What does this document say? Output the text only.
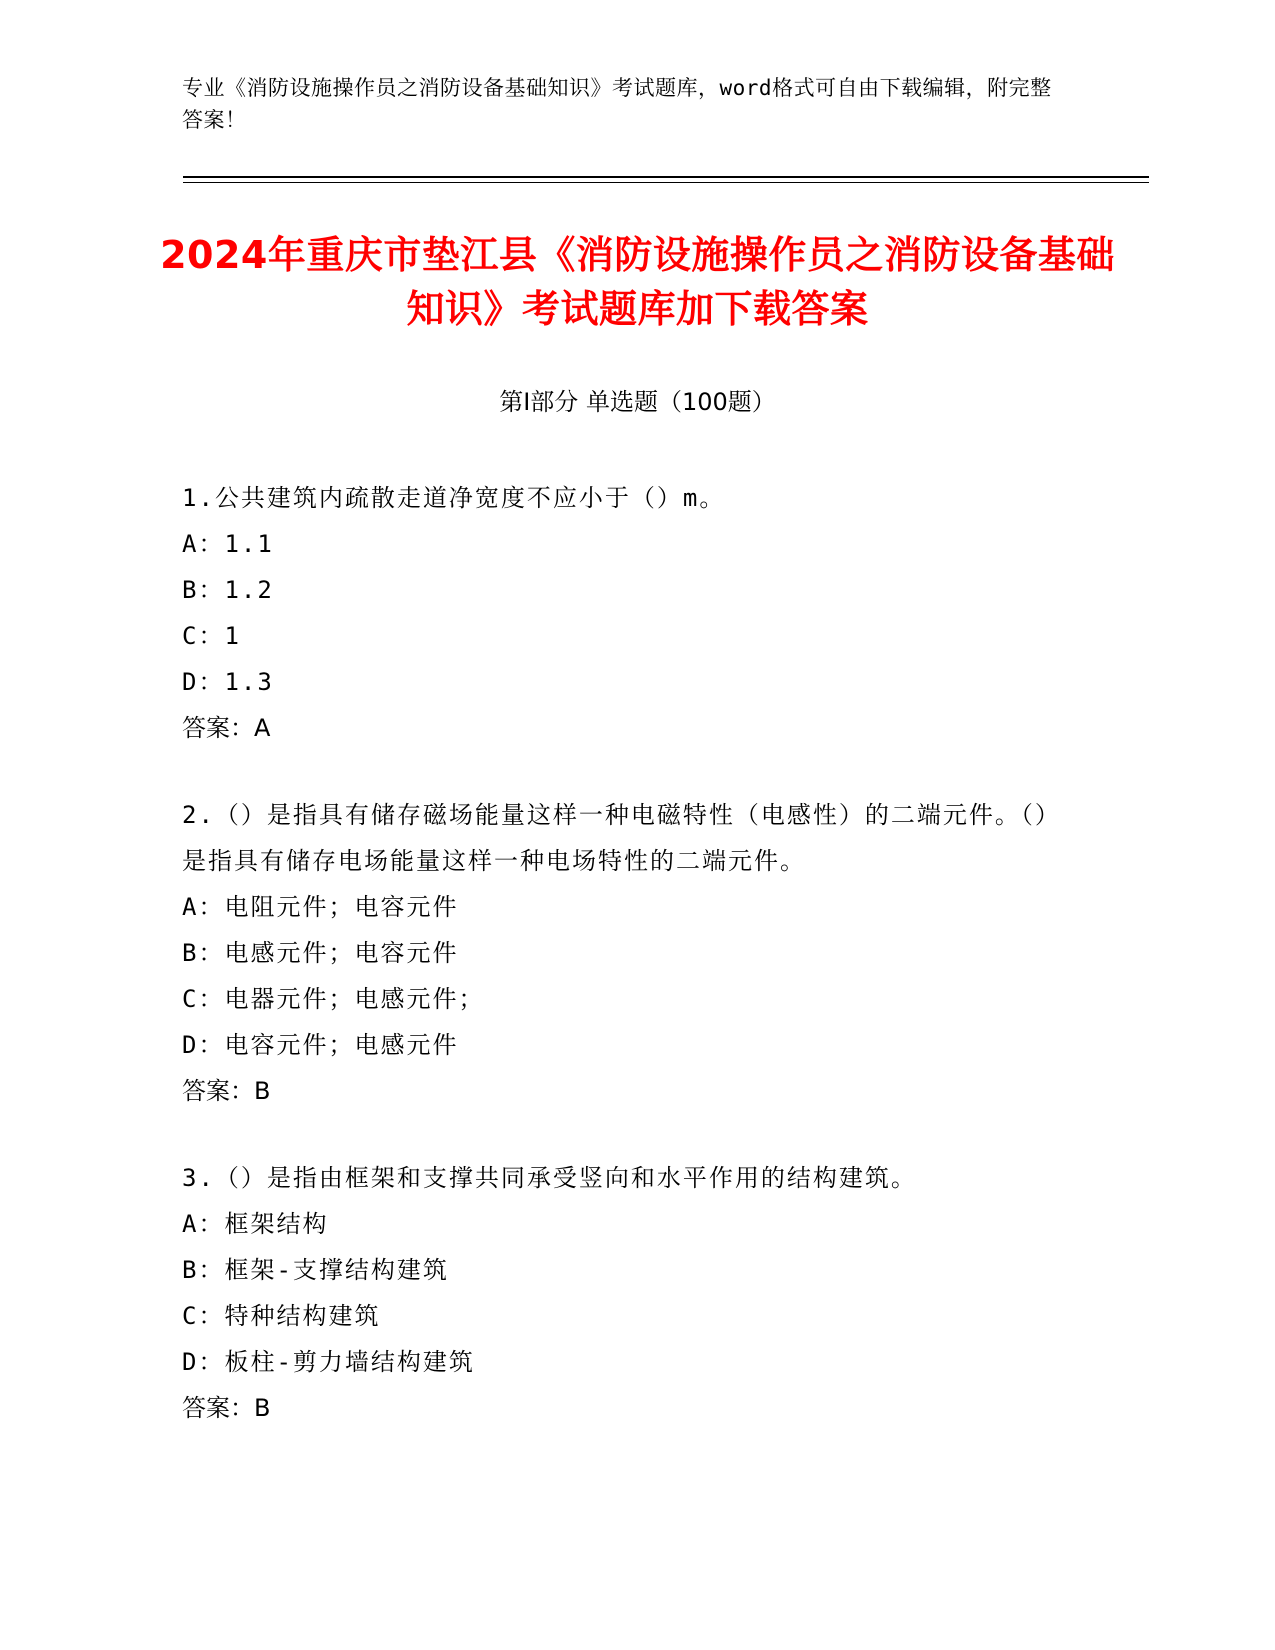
专业《消防设施操作员之消防设备基础知识》考试题库，word格式可自由下载编辑，附完整答案！
2024年重庆市垫江县《消防设施操作员之消防设备基础知识》考试题库加下载答案
第Ⅰ部分 单选题（100题）
1.公共建筑内疏散走道净宽度不应小于（）m。
A：1.1
B：1.2
C：1
D：1.3
答案：A
2.（）是指具有储存磁场能量这样一种电磁特性（电感性）的二端元件。（）是指具有储存电场能量这样一种电场特性的二端元件。
A：电阻元件；电容元件
B：电感元件；电容元件
C：电器元件；电感元件；
D：电容元件；电感元件
答案：B
3.（）是指由框架和支撑共同承受竖向和水平作用的结构建筑。
A：框架结构
B：框架-支撑结构建筑
C：特种结构建筑
D：板柱-剪力墙结构建筑
答案：B
